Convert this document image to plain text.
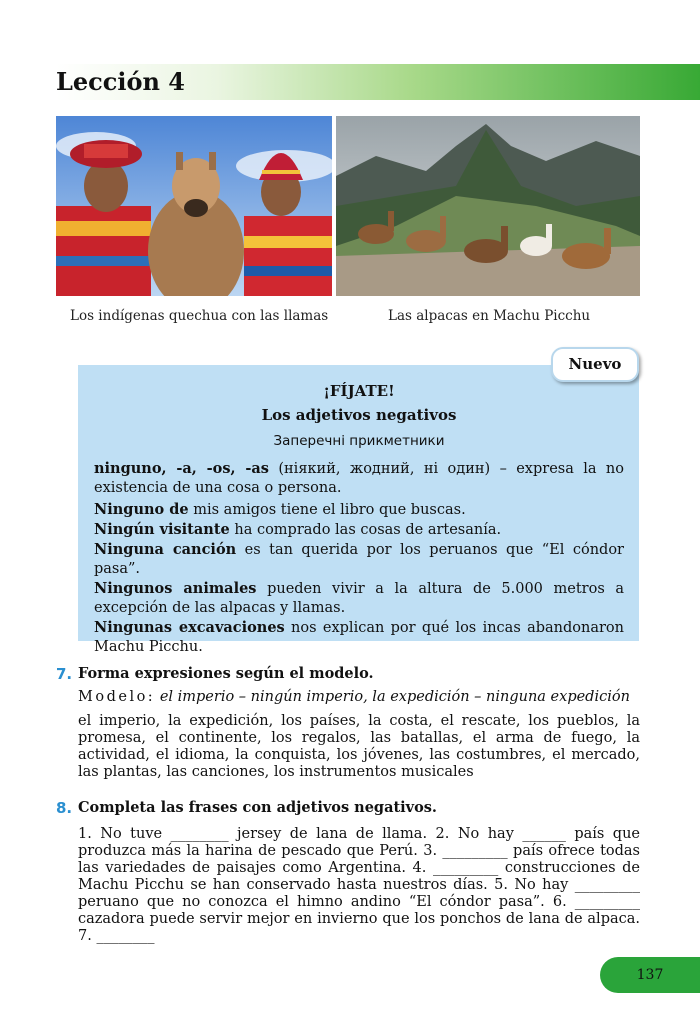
Lección 4
Los indígenas quechua con las llamas	Las alpacas en Machu Picchu
Nuevo
¡FÍJATE!
Los adjetivos negativos
Заперечні прикметники
ninguno, -a, -os, -as (ніякий, жодний, ні один) – expresa la no existencia de una cosa o persona.

Ninguno de mis amigos tiene el libro que buscas.

Ningún visitante ha comprado las cosas de artesanía.

Ninguna canción es tan querida por los peruanos que “El cóndor pasa”.

Ningunos animales pueden vivir a la altura de 5.000 metros a excepción de las alpacas y llamas.

Ningunas excavaciones nos explican por qué los incas abandonaron Machu Picchu.

7. Forma expresiones según el modelo.
Modelo: el imperio – ningún imperio, la expedición – ninguna expedición
el imperio, la expedición, los países, la costa, el rescate, los pueblos, la promesa, el continente, los regalos, las batallas, el arma de fuego, la actividad, el idioma, la conquista, los jóvenes, las costumbres, el mercado, las plantas, las canciones, los instrumentos musicales
8. Completa las frases con adjetivos negativos.
1. No tuve ________ jersey de lana de llama. 2. No hay ______ país que produzca más la harina de pescado que Perú. 3. _________ país ofrece todas las variedades de paisajes como Argentina. 4. _________ construcciones de Machu Picchu se han conservado hasta nuestros días. 5. No hay _________ peruano que no conozca el himno andino “El cóndor pasa”. 6. _________ cazadora puede servir mejor en invierno que los ponchos de lana de alpaca. 7. ________
137
